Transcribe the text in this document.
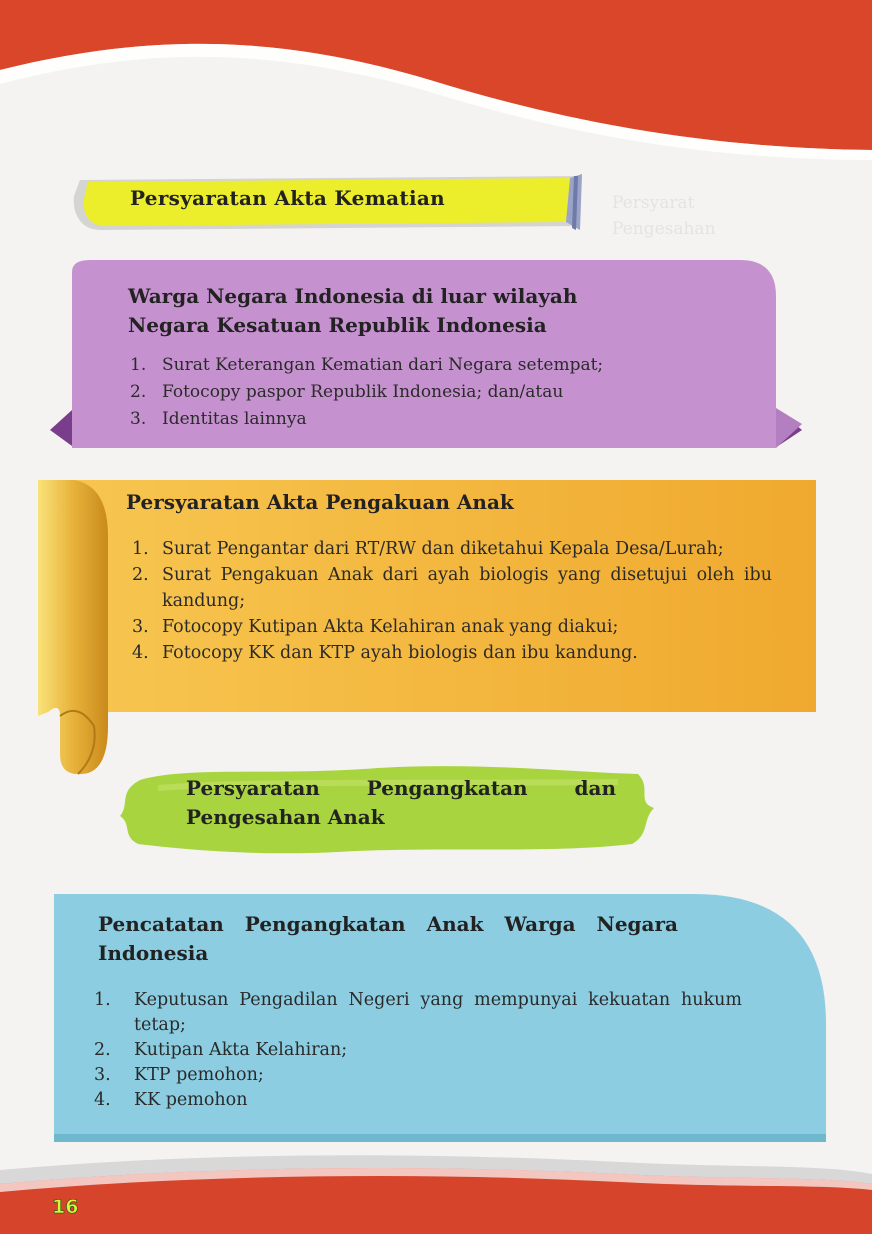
Persyarat
Pengesahan
Persyaratan Akta Kematian
Warga Negara Indonesia di luar wilayah
Negara Kesatuan Republik Indonesia
1. Surat Keterangan Kematian dari Negara setempat;
2. Fotocopy paspor Republik Indonesia; dan/atau
3. Identitas lainnya
Persyaratan Akta Pengakuan Anak
1. Surat Pengantar dari RT/RW dan diketahui Kepala Desa/Lurah;
2. Surat Pengakuan Anak dari ayah biologis yang disetujui oleh ibu kandung;
3. Fotocopy Kutipan Akta Kelahiran anak yang diakui;
4. Fotocopy KK dan KTP ayah biologis dan ibu kandung.
Persyaratan Pengangkatan dan Pengesahan Anak
Pencatatan Pengangkatan Anak Warga Negara Indonesia
1.	Keputusan Pengadilan Negeri yang mempunyai kekuatan hukum tetap;
2.	Kutipan Akta Kelahiran;
3.	KTP pemohon;
4.	KK pemohon
16
